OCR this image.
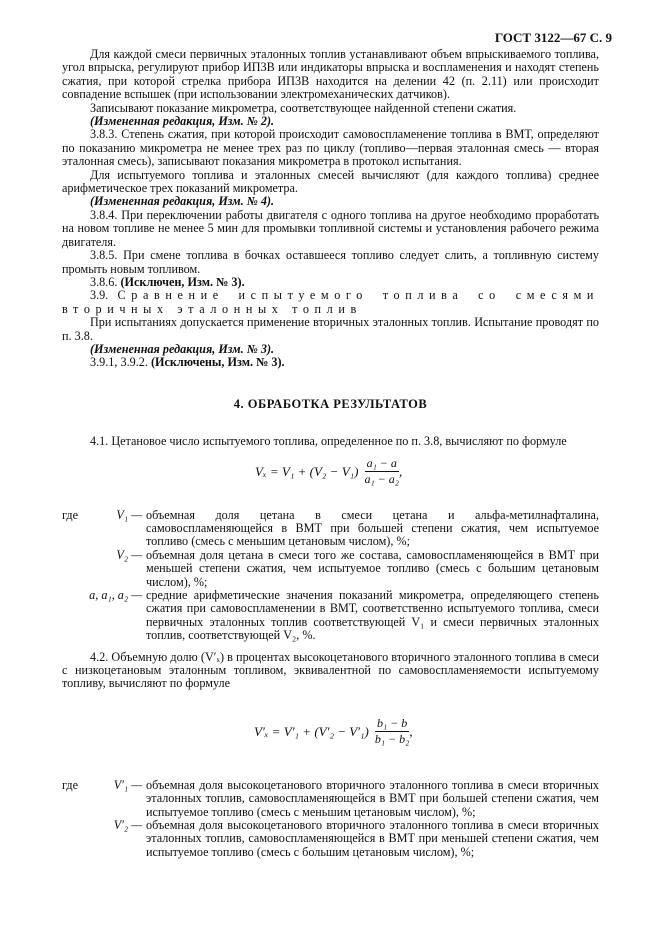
ГОСТ 3122—67 С. 9

Для каждой смеси первичных эталонных топлив устанавливают объем впрыскиваемого топлива, угол впрыска, регулируют прибор ИП3В или индикаторы впрыска и воспламенения и находят степень сжатия, при которой стрелка прибора ИП3В находится на делении 42 (п. 2.11) или происходит совпадение вспышек (при использовании электромеханических датчиков).

Записывают показание микрометра, соответствующее найденной степени сжатия.

(Измененная редакция, Изм. № 2).

3.8.3. Степень сжатия, при которой происходит самовоспламенение топлива в ВМТ, определяют по показанию микрометра не менее трех раз по циклу (топливо—первая эталонная смесь — вторая эталонная смесь), записывают показания микрометра в протокол испытания.

Для испытуемого топлива и эталонных смесей вычисляют (для каждого топлива) среднее арифметическое трех показаний микрометра.

(Измененная редакция, Изм. № 4).

3.8.4. При переключении работы двигателя с одного топлива на другое необходимо проработать на новом топливе не менее 5 мин для промывки топливной системы и установления рабочего режима двигателя.

3.8.5. При смене топлива в бочках оставшееся топливо следует слить, а топливную систему промыть новым топливом.

3.8.6. (Исключен, Изм. № 3).

3.9. Сравнение испытуемого топлива со смесями вторичных эталонных топлив

При испытаниях допускается применение вторичных эталонных топлив. Испытание проводят по п. 3.8.

(Измененная редакция, Изм. № 3).

3.9.1, 3.9.2. (Исключены, Изм. № 3).

4. ОБРАБОТКА РЕЗУЛЬТАТОВ

4.1. Цетановое число испытуемого топлива, определенное по п. 3.8, вычисляют по формуле

$V_x = V_1 + (V_2 - V_1) \frac{\text{a₁ − a}}{\text{a₁ − a₂}}$ ,
где	V₁ — объемная доля цетана в смеси цетана и альфа-метилнафталина, самовоспламеняющейся в ВМТ при большей степени сжатия, чем испытуемое топливо (смесь с меньшим цетановым числом), %;
V₂ — объемная доля цетана в смеси того же состава, самовоспламеняющейся в ВМТ при меньшей степени сжатия, чем испытуемое топливо (смесь с большим цетановым числом), %;
a, a₁, a₂ — средние арифметические значения показаний микрометра, определяющего степень сжатия при самовоспламенении в ВМТ, соответственно испытуемого топлива, смеси первичных эталонных топлив соответствующей V₁ и смеси первичных эталонных топлив, соответствующей V₂, %.

4.2. Объемную долю (V′ₓ) в процентах высокоцетанового вторичного эталонного топлива в смеси с низкоцетановым эталонным топливом, эквивалентной по самовоспламеняемости испытуемому топливу, вычисляют по формуле

$V'_x = V'_1 + (V'_2 - V'_1) \frac{\text{b₁ − b}}{\text{b₁ − b₂}}$ ,
где	V′₁ — объемная доля высокоцетанового вторичного эталонного топлива в смеси вторичных эталонных топлив, самовоспламеняющейся в ВМТ при большей степени сжатия, чем испытуемое топливо (смесь с меньшим цетановым числом), %;
V′₂ — объемная доля высокоцетанового вторичного эталонного топлива в смеси вторичных эталонных топлив, самовоспламеняющейся в ВМТ при меньшей степени сжатия, чем испытуемое топливо (смесь с большим цетановым числом), %;
